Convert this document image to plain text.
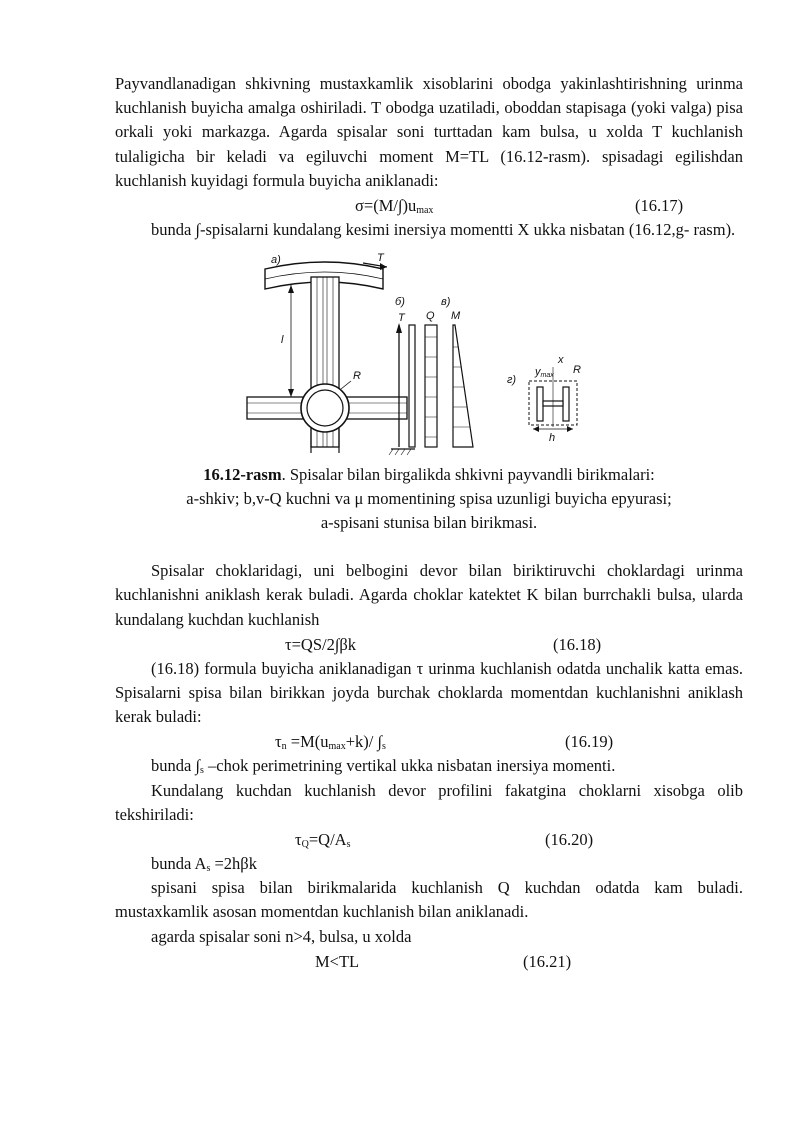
Payvandlanadigan shkivning mustaxkamlik xisoblarini obodga yakinlashtirishning urinma kuchlanish buyicha amalga oshiriladi. T obodga uzatiladi, oboddan stapisaga (yoki valga) pisa orkali yoki markazga. Agarda spisalar soni turttadan kam bulsa, u xolda T kuchlanish tulaligicha bir keladi va egiluvchi moment M=TL (16.12-rasm). spisadagi egilishdan kuchlanish kuyidagi formula buyicha aniklanadi:

$\sigma=(M/\int)u_{max}$	(16.17)

bunda ∫-spisalarni kundalang kesimi inersiya momentti X ukka nisbatan (16.12,g- rasm).

T
a)
l
R
б)
T Q
в)
M
г)
ymax
x
R
h
16.12-rasm. Spisalar bilan birgalikda shkivni payvandli birikmalari:
a-shkiv; b,v-Q kuchni va μ momentining spisa uzunligi buyicha epyurasi;
a-spisani stunisa bilan birikmasi.

Spisalar choklaridagi, uni belbogini devor bilan biriktiruvchi choklardagi urinma kuchlanishni aniklash kerak buladi. Agarda choklar katektet K bilan burrchakli bulsa, ularda kundalang kuchdan kuchlanish

τ=QS/2∫βk	(16.18)

(16.18) formula buyicha aniklanadigan τ urinma kuchlanish odatda unchalik katta emas. Spisalarni spisa bilan birikkan joyda burchak choklarda momentdan kuchlanishni aniklash kerak buladi:

$\tau_n =M(u_{max}+k)/$ $\int_s$	(16.19)

bunda $\int_s$ –chok perimetrining vertikal ukka nisbatan inersiya momenti.

Kundalang kuchdan kuchlanish devor profilini fakatgina choklarni xisobga olib tekshiriladi:

$\tau_Q=Q/A_s$	(16.20)

bunda $A_s =2h\beta k$

spisani spisa bilan birikmalarida kuchlanish Q kuchdan odatda kam buladi. mustaxkamlik asosan momentdan kuchlanish bilan aniklanadi.

agarda spisalar soni n>4, bulsa, u xolda

M<TL	(16.21)
